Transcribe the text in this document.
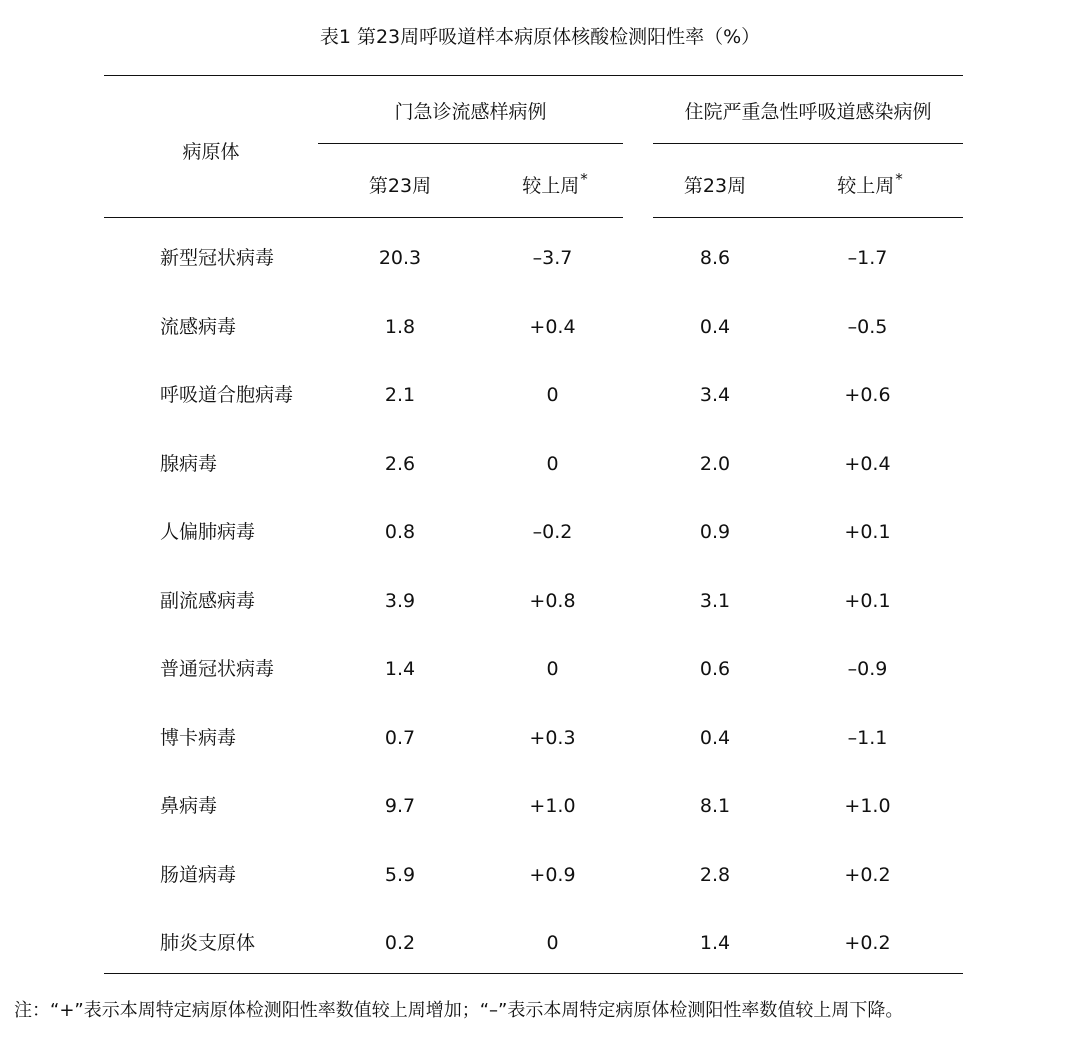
表1 第23周呼吸道样本病原体核酸检测阳性率（%）
病原体
门急诊流感样病例	住院严重急性呼吸道感染病例
第23周	较上周*	第23周	较上周*
新型冠状病毒	20.3	–3.7	8.6	–1.7
流感病毒	1.8	+0.4	0.4	–0.5
呼吸道合胞病毒	2.1	0	3.4	+0.6
腺病毒	2.6	0	2.0	+0.4
人偏肺病毒	0.8	–0.2	0.9	+0.1
副流感病毒	3.9	+0.8	3.1	+0.1
普通冠状病毒	1.4	0	0.6	–0.9
博卡病毒	0.7	+0.3	0.4	–1.1
鼻病毒	9.7	+1.0	8.1	+1.0
肠道病毒	5.9	+0.9	2.8	+0.2
肺炎支原体	0.2	0	1.4	+0.2
注：“+”表示本周特定病原体检测阳性率数值较上周增加；“–”表示本周特定病原体检测阳性率数值较上周下降。
